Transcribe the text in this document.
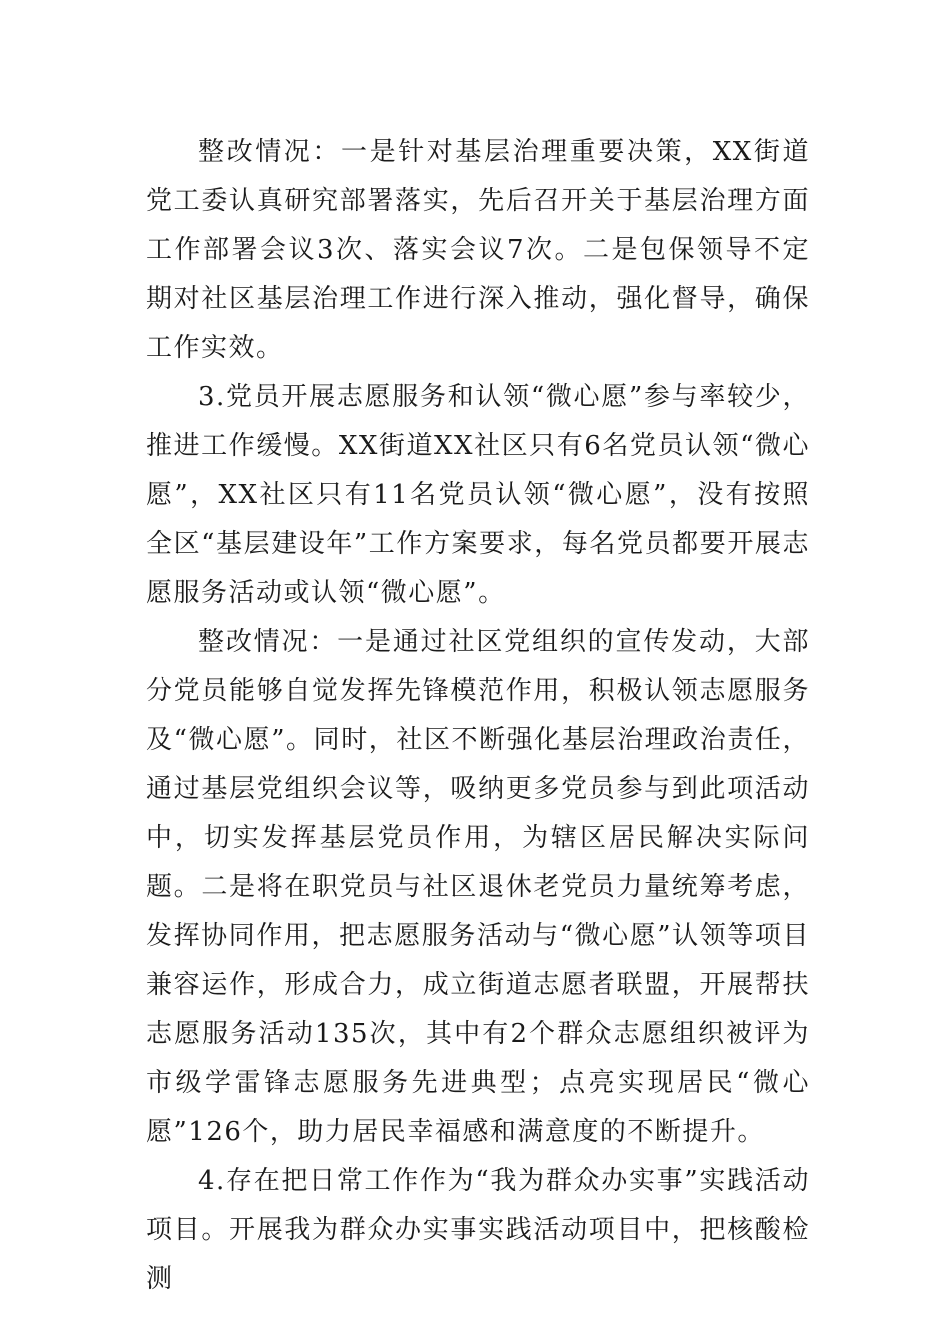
整改情况：一是针对基层治理重要决策，XX街道党工委认真研究部署落实，先后召开关于基层治理方面工作部署会议3次、落实会议7次。二是包保领导不定期对社区基层治理工作进行深入推动，强化督导，确保工作实效。

3.党员开展志愿服务和认领“微心愿”参与率较少，推进工作缓慢。XX街道XX社区只有6名党员认领“微心愿”，XX社区只有11名党员认领“微心愿”，没有按照全区“基层建设年”工作方案要求，每名党员都要开展志愿服务活动或认领“微心愿”。

整改情况：一是通过社区党组织的宣传发动，大部分党员能够自觉发挥先锋模范作用，积极认领志愿服务及“微心愿”。同时，社区不断强化基层治理政治责任，通过基层党组织会议等，吸纳更多党员参与到此项活动中，切实发挥基层党员作用，为辖区居民解决实际问题。二是将在职党员与社区退休老党员力量统筹考虑，发挥协同作用，把志愿服务活动与“微心愿”认领等项目兼容运作，形成合力，成立街道志愿者联盟，开展帮扶志愿服务活动135次，其中有2个群众志愿组织被评为市级学雷锋志愿服务先进典型；点亮实现居民“微心愿”126个，助力居民幸福感和满意度的不断提升。

4.存在把日常工作作为“我为群众办实事”实践活动项目。开展我为群众办实事实践活动项目中，把核酸检测
